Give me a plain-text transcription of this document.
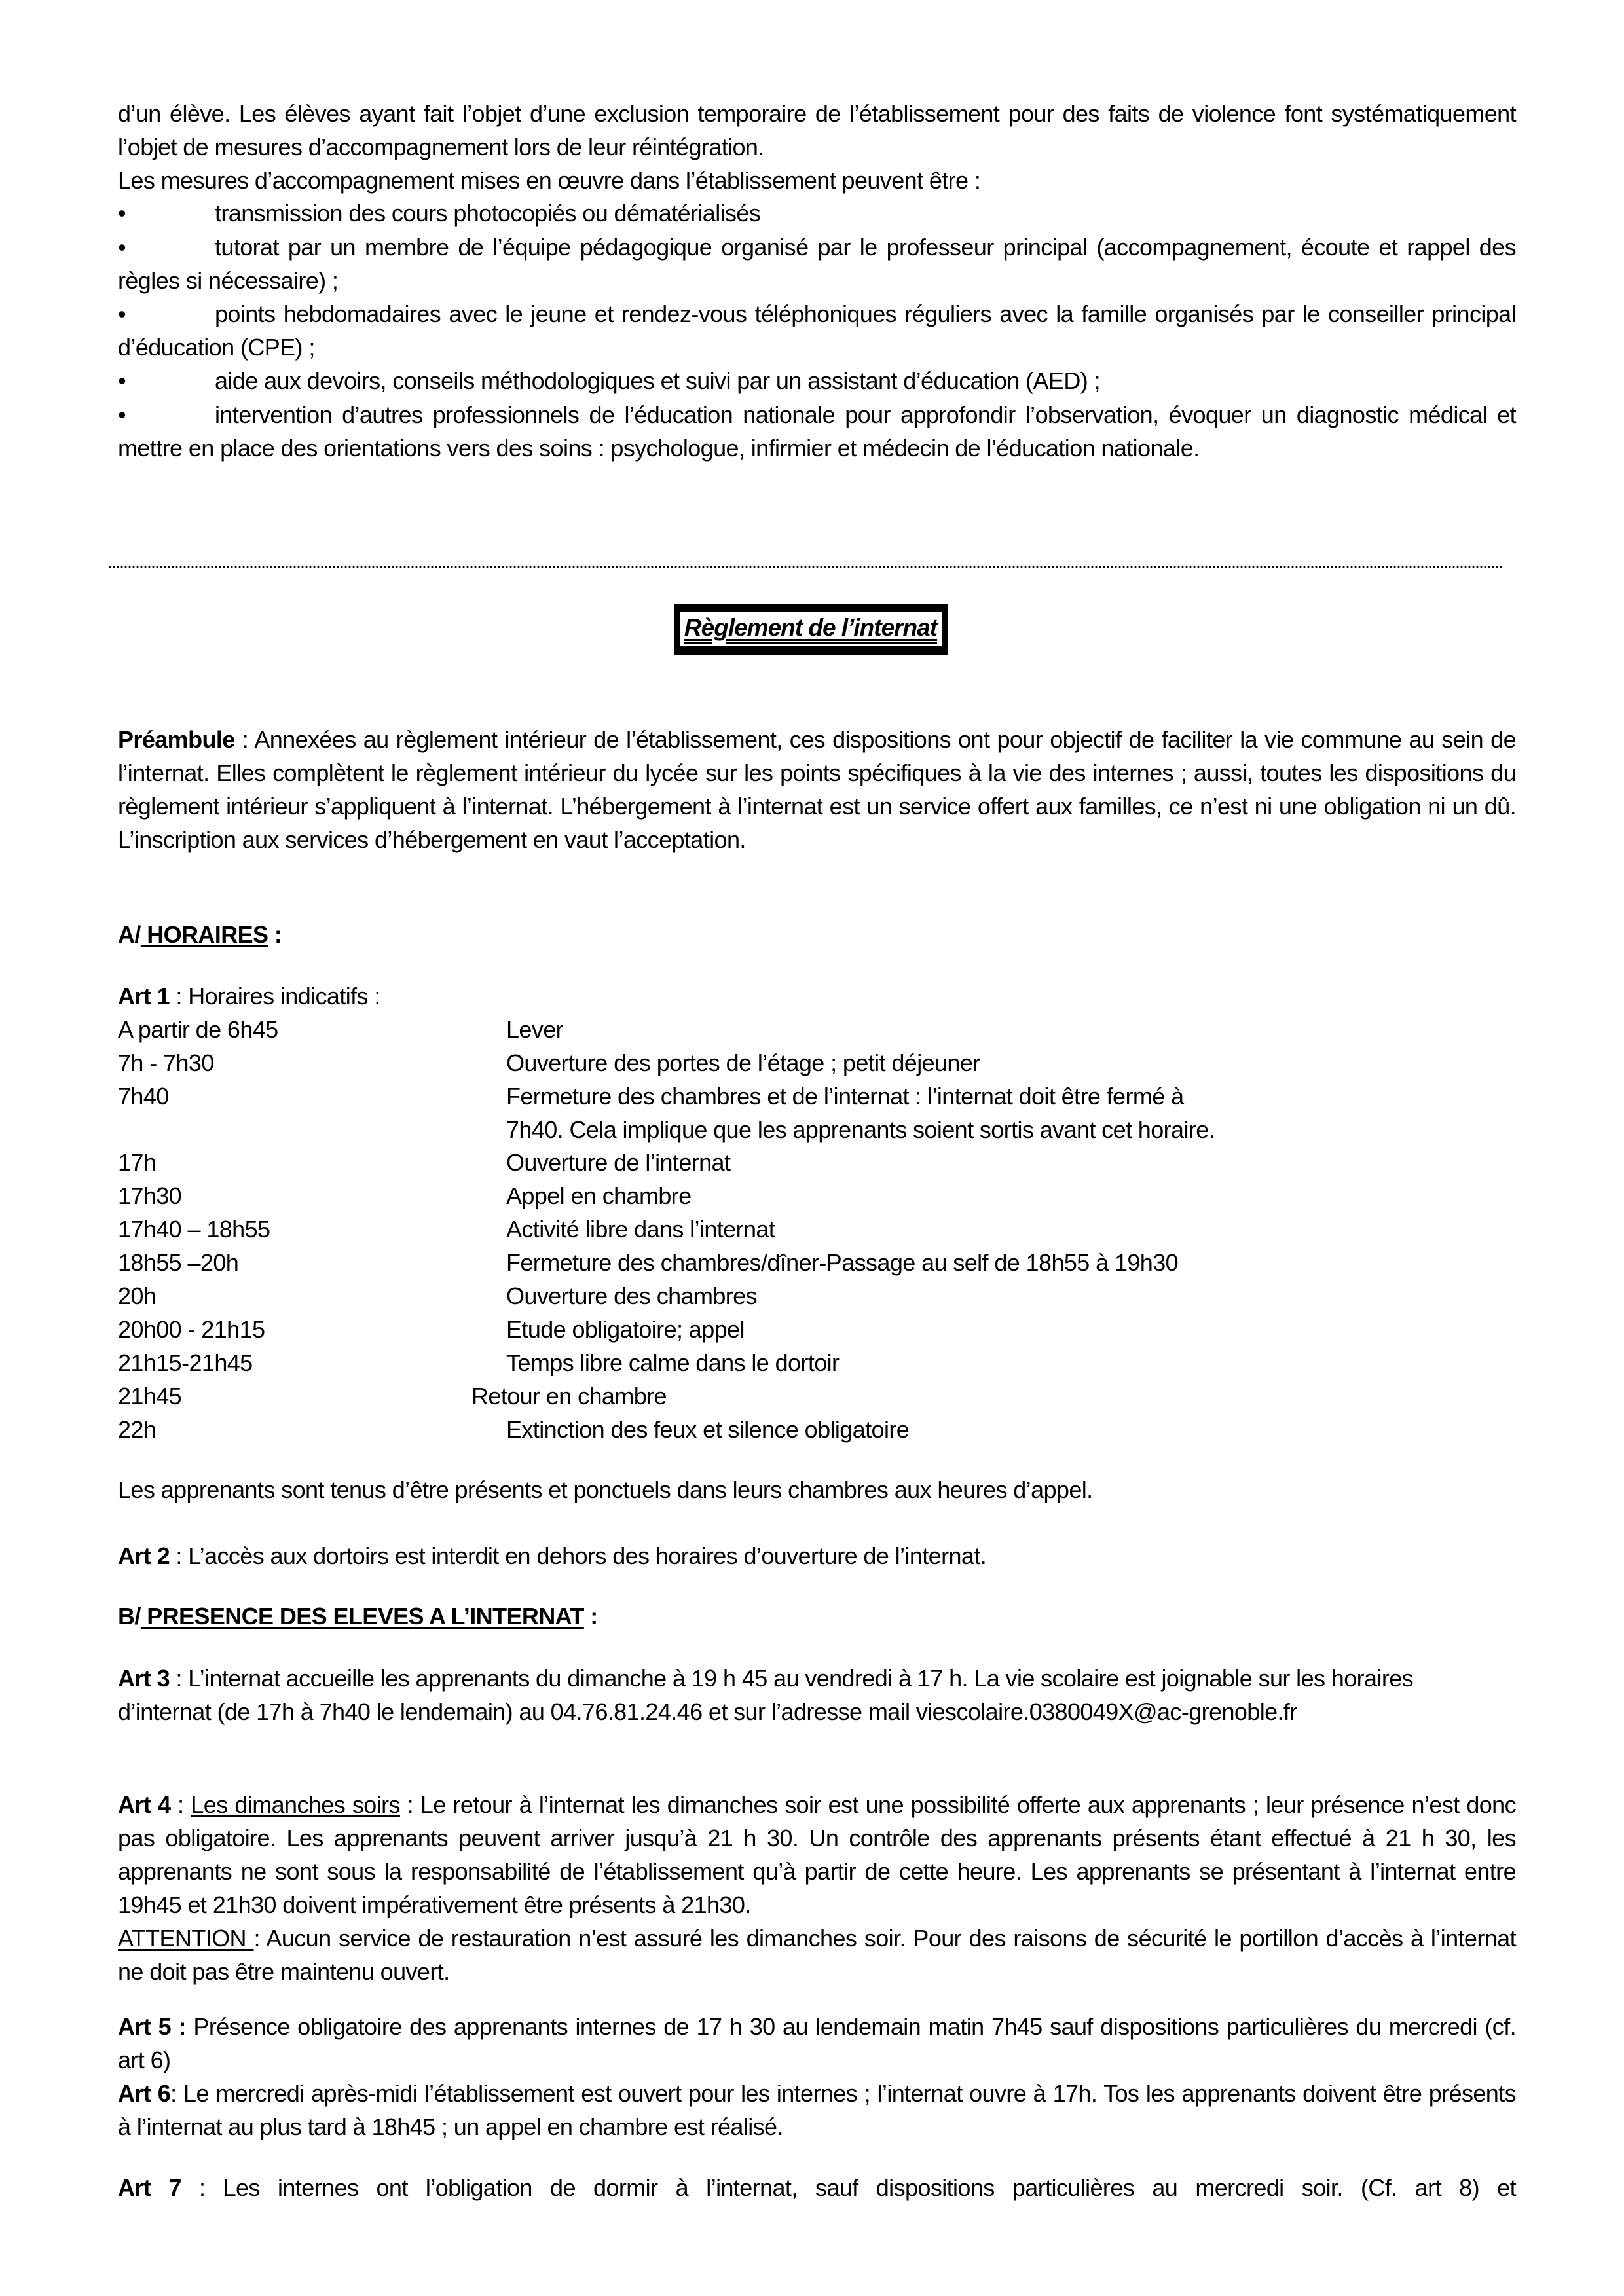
d’un élève. Les élèves ayant fait l’objet d’une exclusion temporaire de l’établissement pour des faits de violence font systématiquement l’objet de mesures d’accompagnement lors de leur réintégration.
Les mesures d’accompagnement mises en œuvre dans l’établissement peuvent être :
•	transmission des cours photocopiés ou dématérialisés
•	tutorat par un membre de l’équipe pédagogique organisé par le professeur principal (accompagnement, écoute et rappel des règles si nécessaire) ;
•	points hebdomadaires avec le jeune et rendez-vous téléphoniques réguliers avec la famille organisés par le conseiller principal d’éducation (CPE) ;
•	aide aux devoirs, conseils méthodologiques et suivi par un assistant d’éducation (AED) ;
•	intervention d’autres professionnels de l’éducation nationale pour approfondir l’observation, évoquer un diagnostic médical et mettre en place des orientations vers des soins : psychologue, infirmier et médecin de l’éducation nationale.
Règlement de l’internat
Préambule : Annexées au règlement intérieur de l’établissement, ces dispositions ont pour objectif de faciliter la vie commune au sein de l’internat. Elles complètent le règlement intérieur du lycée sur les points spécifiques à la vie des internes ; aussi, toutes les dispositions du règlement intérieur s’appliquent à l’internat. L’hébergement à l’internat est un service offert aux familles, ce n’est ni une obligation ni un dû. L’inscription aux services d’hébergement en vaut l’acceptation.
A/ HORAIRES :
Art 1 : Horaires indicatifs :
A partir de 6h45	Lever
7h - 7h30	Ouverture des portes de l’étage ; petit déjeuner
7h40	Fermeture des chambres et de l’internat : l’internat doit être fermé à
7h40. Cela implique que les apprenants soient sortis avant cet horaire.
17h	Ouverture de l’internat
17h30	Appel en chambre
17h40 – 18h55	Activité libre dans l’internat
18h55 –20h	Fermeture des chambres/dîner-Passage au self de 18h55 à 19h30
20h	Ouverture des chambres
20h00 - 21h15	Etude obligatoire; appel
21h15-21h45	Temps libre calme dans le dortoir
21h45	Retour en chambre
22h	Extinction des feux et silence obligatoire
Les apprenants sont tenus d’être présents et ponctuels dans leurs chambres aux heures d’appel.
Art 2 : L’accès aux dortoirs est interdit en dehors des horaires d’ouverture de l’internat.
B/ PRESENCE DES ELEVES A L’INTERNAT :
Art 3 : L’internat accueille les apprenants du dimanche à 19 h 45 au vendredi à 17 h. La vie scolaire est joignable sur les horaires d’internat (de 17h à 7h40 le lendemain) au 04.76.81.24.46 et sur l’adresse mail viescolaire.0380049X@ac-grenoble.fr
Art 4 : Les dimanches soirs : Le retour à l’internat les dimanches soir est une possibilité offerte aux apprenants ; leur présence n’est donc pas obligatoire. Les apprenants peuvent arriver jusqu’à 21 h 30. Un contrôle des apprenants présents étant effectué à 21 h 30, les apprenants ne sont sous la responsabilité de l’établissement qu’à partir de cette heure. Les apprenants se présentant à l’internat entre 19h45 et 21h30 doivent impérativement être présents à 21h30.
ATTENTION : Aucun service de restauration n’est assuré les dimanches soir. Pour des raisons de sécurité le portillon d’accès à l’internat ne doit pas être maintenu ouvert.
Art 5 : Présence obligatoire des apprenants internes de 17 h 30 au lendemain matin 7h45 sauf dispositions particulières du mercredi (cf. art 6)
Art 6: Le mercredi après-midi l’établissement est ouvert pour les internes ; l’internat ouvre à 17h. Tos les apprenants doivent être présents à l’internat au plus tard à 18h45 ; un appel en chambre est réalisé.
Art 7 : Les internes ont l’obligation de dormir à l’internat, sauf dispositions particulières au mercredi soir. (Cf. art 8) et
